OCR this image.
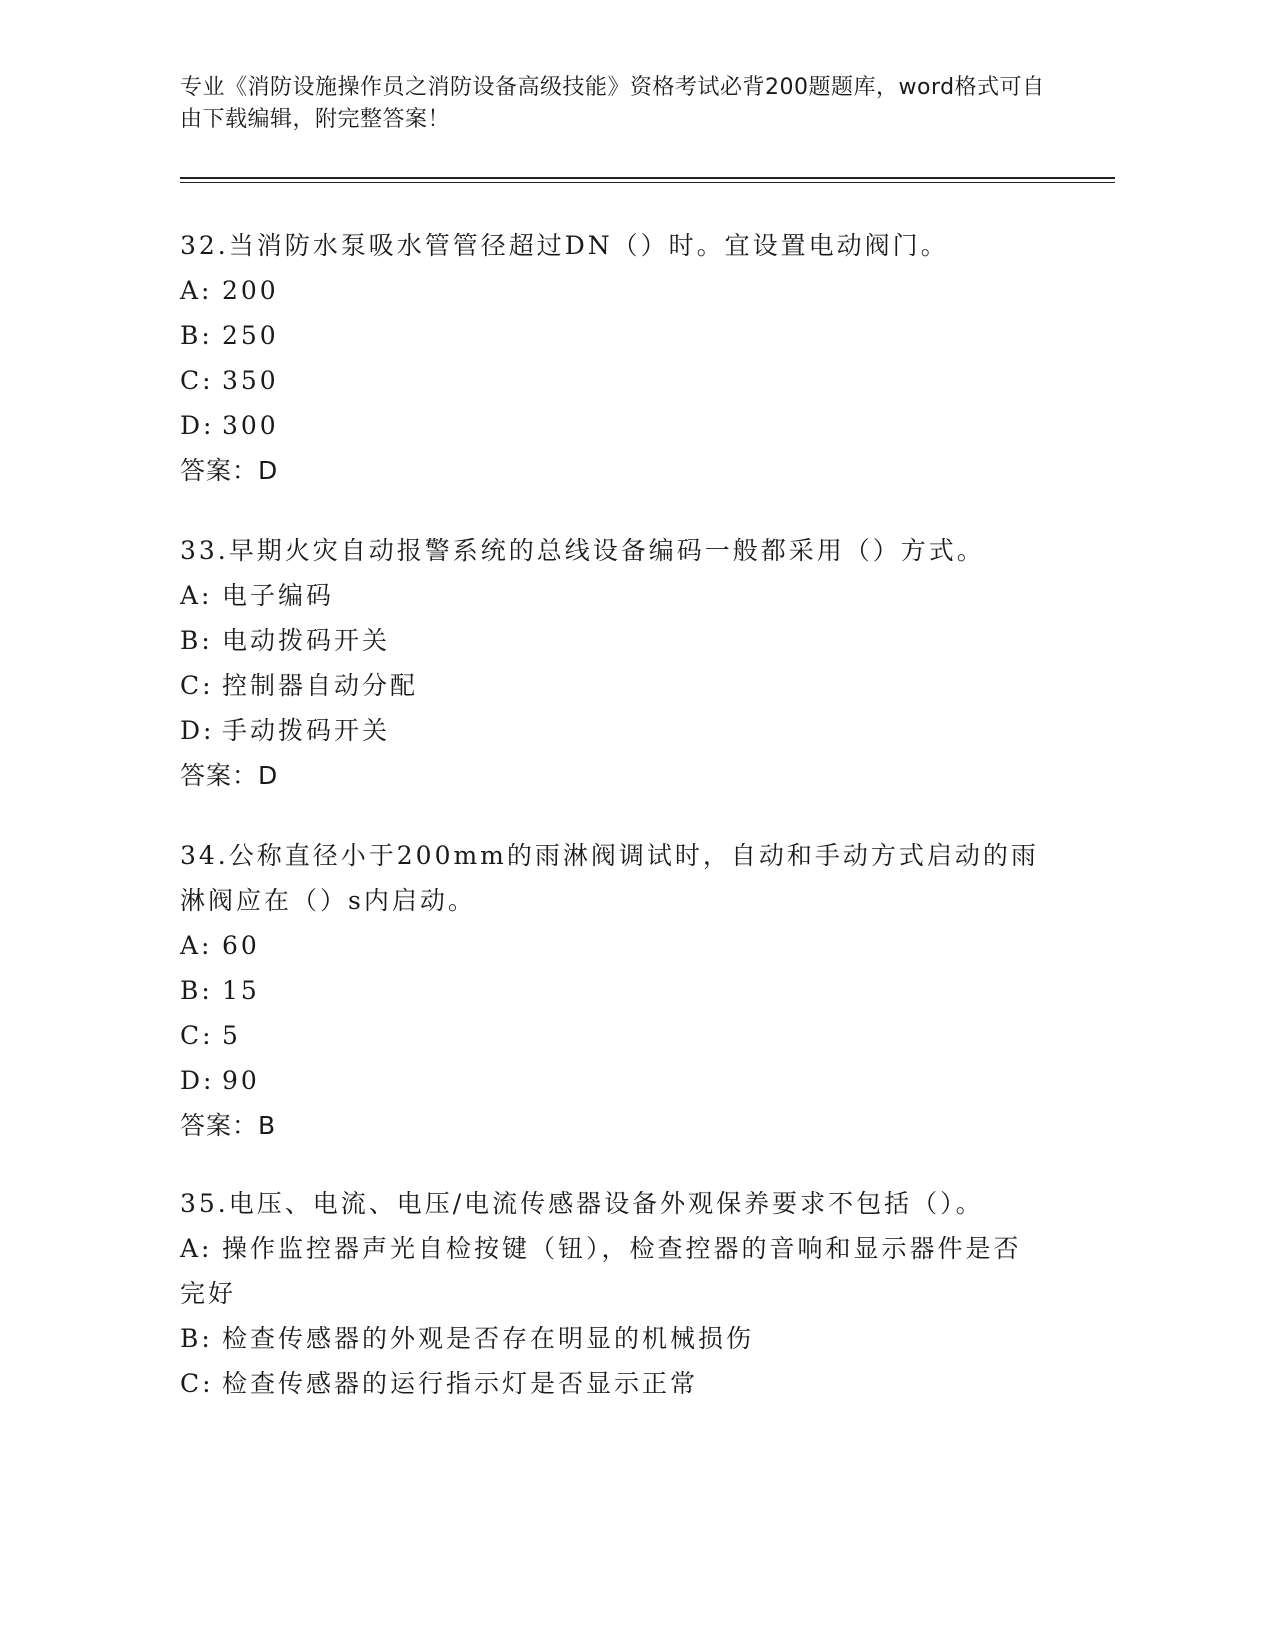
专业《消防设施操作员之消防设备高级技能》资格考试必背200题题库，word格式可自由下载编辑，附完整答案！

32.当消防水泵吸水管管径超过DN（）时。宜设置电动阀门。

A: 200

B: 250

C: 350

D: 300

答案：D

33.早期火灾自动报警系统的总线设备编码一般都采用（）方式。

A: 电子编码

B: 电动拨码开关

C: 控制器自动分配

D: 手动拨码开关

答案：D

34.公称直径小于200mm的雨淋阀调试时，自动和手动方式启动的雨淋阀应在（）s内启动。

A: 60

B: 15

C: 5

D: 90

答案：B

35.电压、电流、电压/电流传感器设备外观保养要求不包括（）。

A: 操作监控器声光自检按键（钮），检查控器的音响和显示器件是否完好

B: 检查传感器的外观是否存在明显的机械损伤

C: 检查传感器的运行指示灯是否显示正常
